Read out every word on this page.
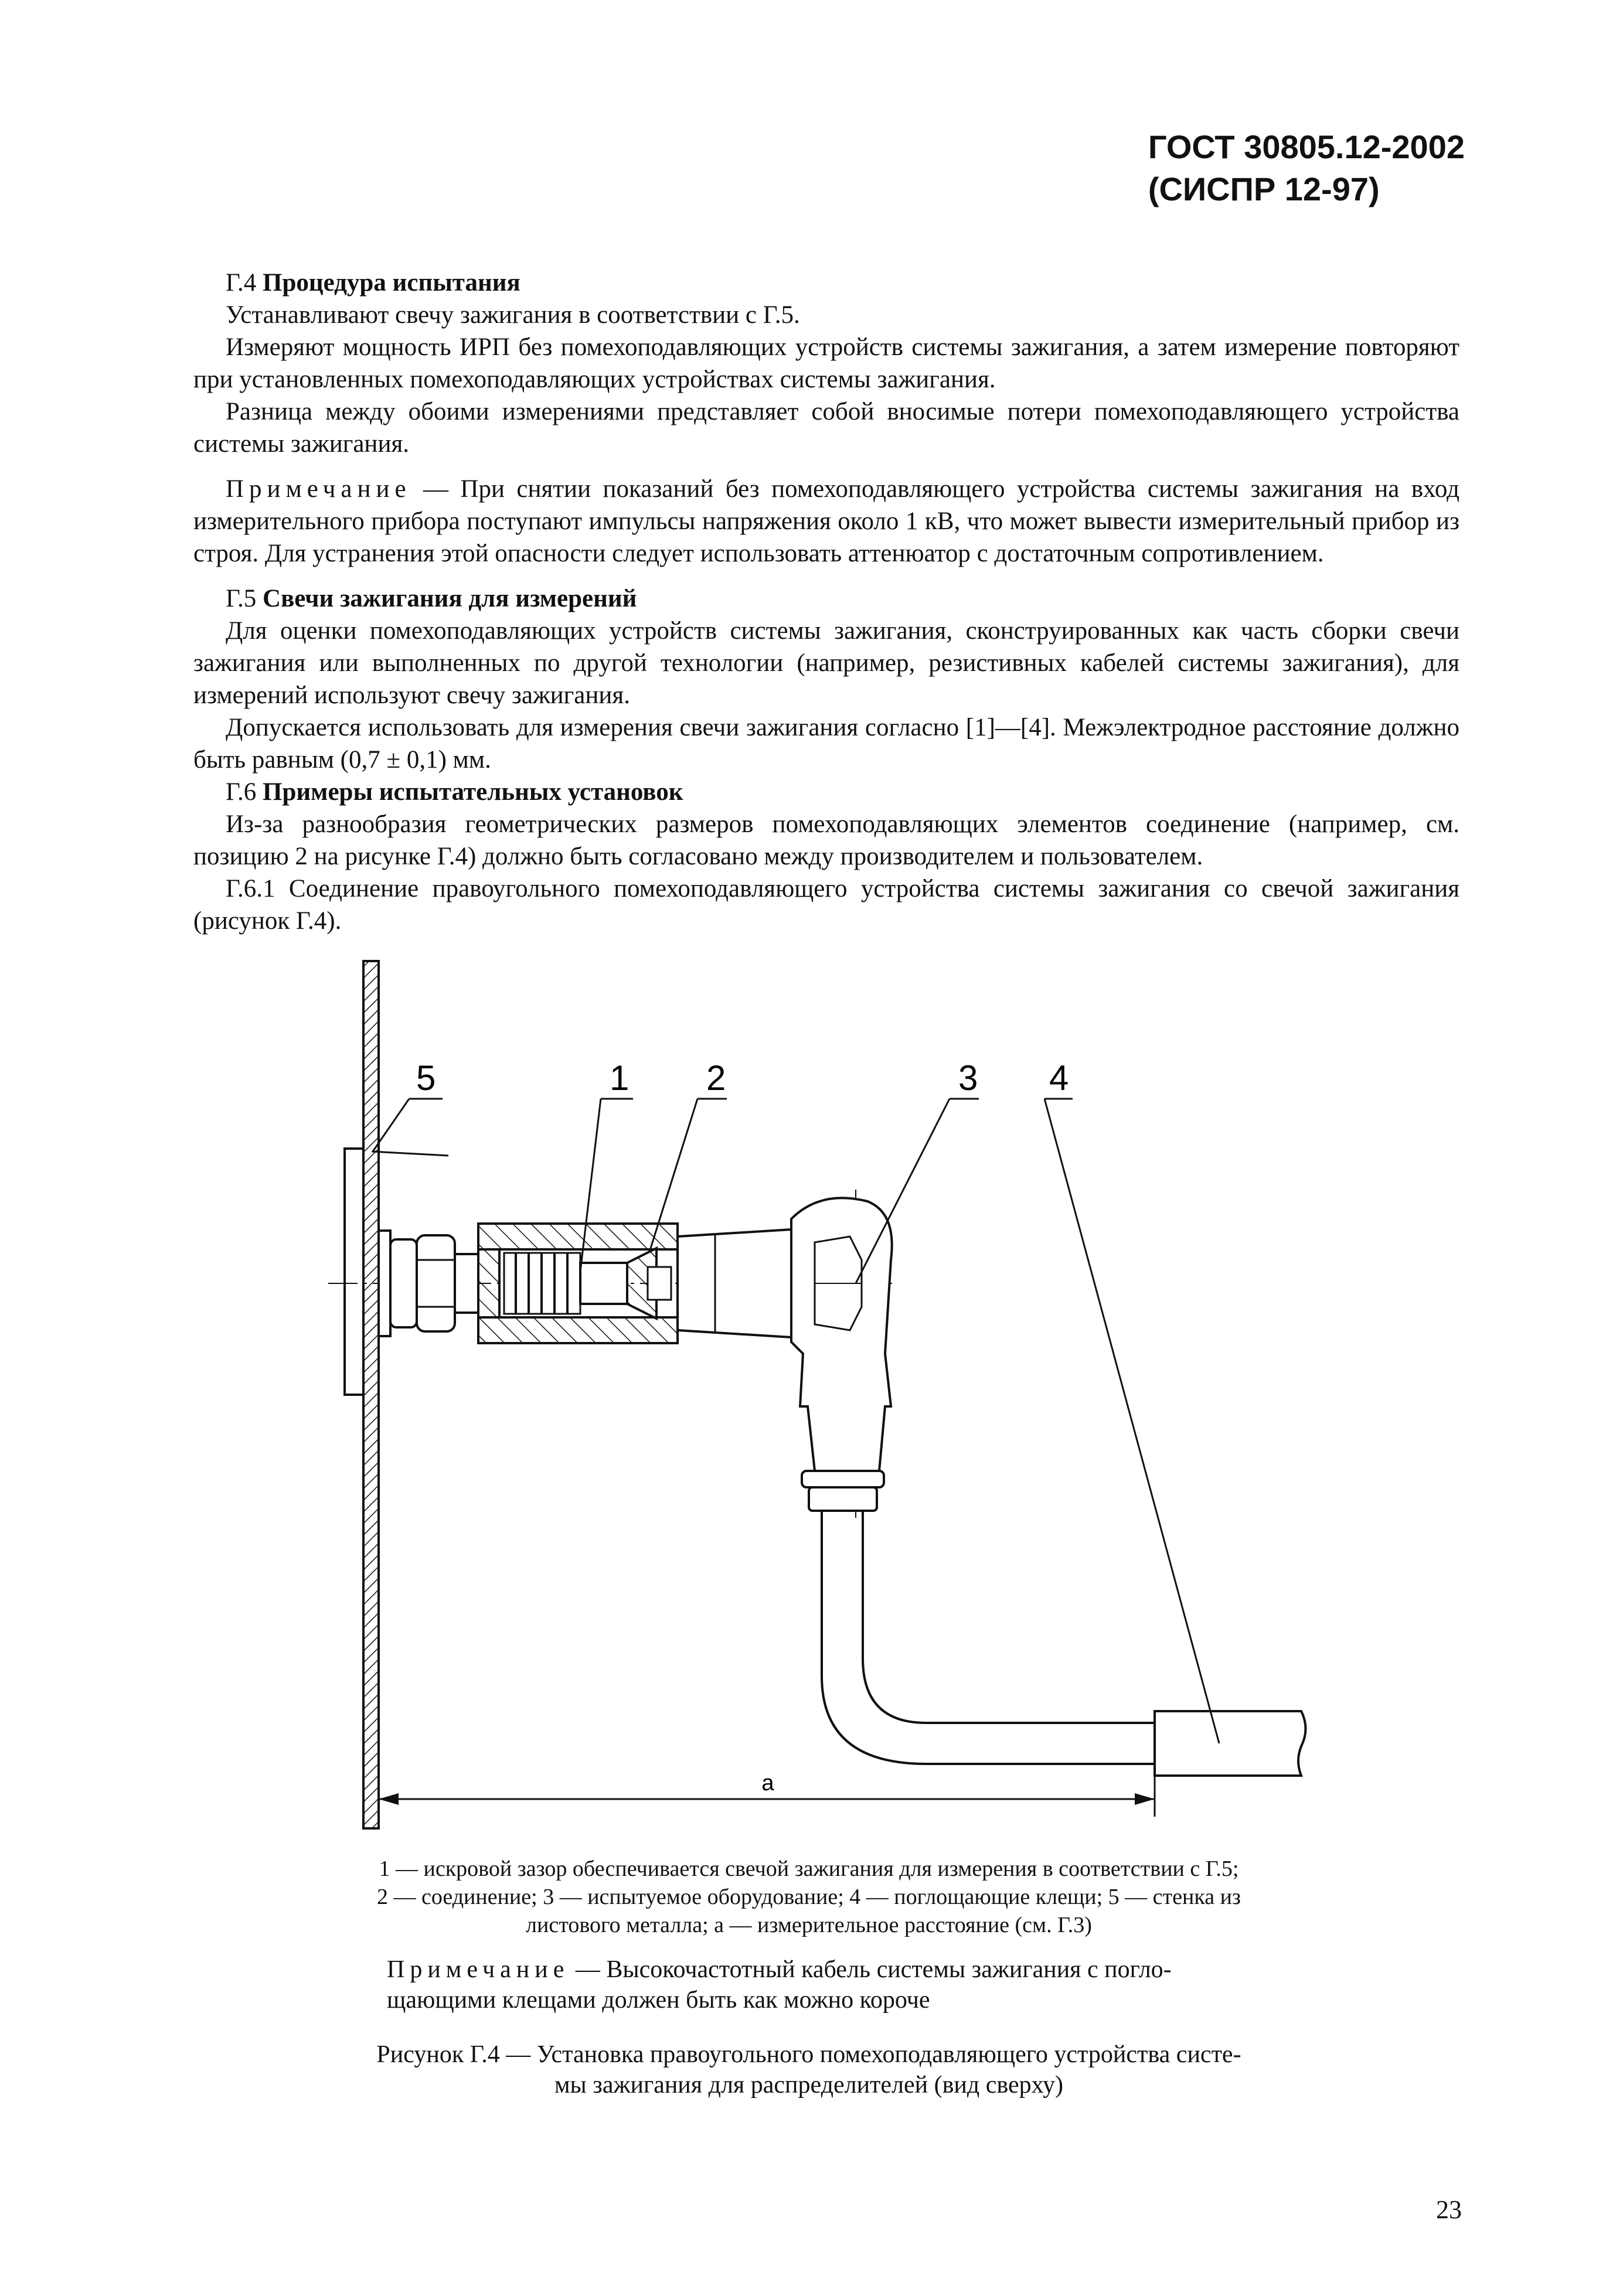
ГОСТ 30805.12-2002
(СИСПР 12-97)

Г.4 Процедура испытания

Устанавливают свечу зажигания в соответствии с Г.5.

Измеряют мощность ИРП без помехоподавляющих устройств системы зажигания, а затем измерение повторяют при установленных помехоподавляющих устройствах системы зажигания.

Разница между обоими измерениями представляет собой вносимые потери помехоподавляющего устройства системы зажигания.

Примечание — При снятии показаний без помехоподавляющего устройства системы зажигания на вход измерительного прибора поступают импульсы напряжения около 1 кВ, что может вывести измерительный прибор из строя. Для устранения этой опасности следует использовать аттенюатор с достаточным сопротивлением.

Г.5 Свечи зажигания для измерений

Для оценки помехоподавляющих устройств системы зажигания, сконструированных как часть сборки свечи зажигания или выполненных по другой технологии (например, резистивных кабелей системы зажигания), для измерений используют свечу зажигания.

Допускается использовать для измерения свечи зажигания согласно [1]—[4]. Межэлектродное расстояние должно быть равным (0,7 ± 0,1) мм.

Г.6 Примеры испытательных установок

Из-за разнообразия геометрических размеров помехоподавляющих элементов соединение (например, см. позицию 2 на рисунке Г.4) должно быть согласовано между производителем и пользователем.

Г.6.1 Соединение правоугольного помехоподавляющего устройства системы зажигания со свечой зажигания (рисунок Г.4).

a
5	1 2	3 4
1 — искровой зазор обеспечивается свечой зажигания для измерения в соответствии с Г.5;
2 — соединение; 3 — испытуемое оборудование; 4 — поглощающие клещи; 5 — стенка из
листового металла; а — измерительное расстояние (см. Г.3)

Примечание — Высокочастотный кабель системы зажигания с погло-

щающими клещами должен быть как можно короче

Рисунок Г.4 — Установка правоугольного помехоподавляющего устройства систе-
мы зажигания для распределителей (вид сверху)
23
